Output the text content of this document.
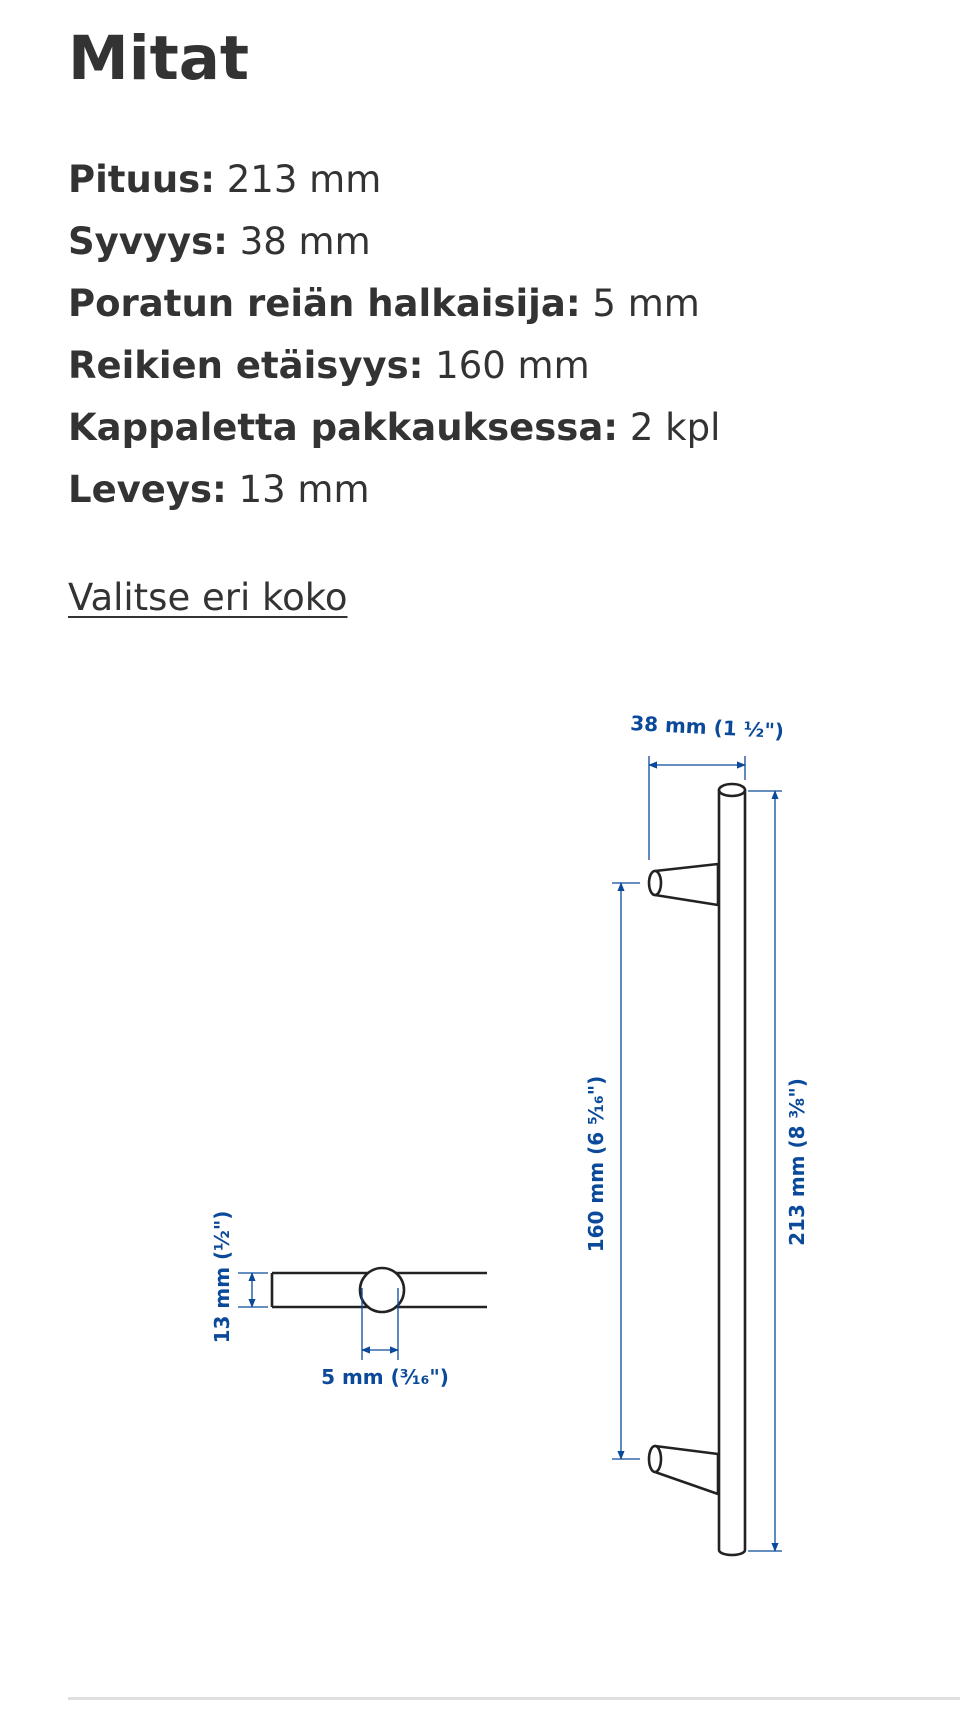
Mitat
Pituus: 213 mm
Syvyys: 38 mm
Poratun reiän halkaisija: 5 mm
Reikien etäisyys: 160 mm
Kappaletta pakkauksessa: 2 kpl
Leveys: 13 mm
Valitse eri koko
38 mm (1 ½")
213 mm (8 ³⁄₈")
160 mm (6 ⁵⁄₁₆")
13 mm (½")
5 mm (³⁄₁₆")
